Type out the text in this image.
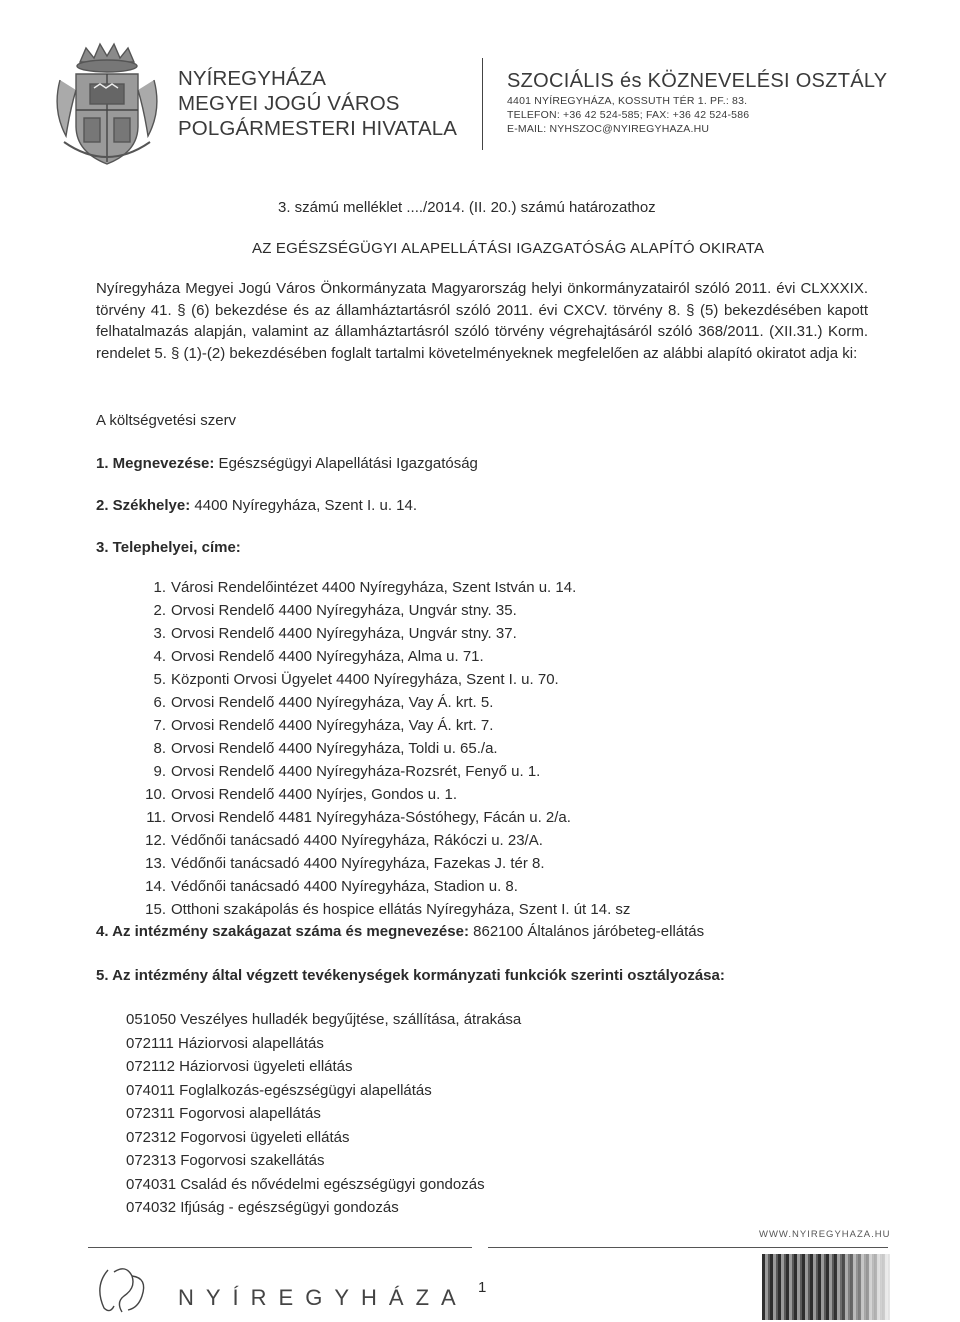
NYÍREGYHÁZA
MEGYEI JOGÚ VÁROS
POLGÁRMESTERI HIVATALA
SZOCIÁLIS és KÖZNEVELÉSI OSZTÁLY
4401 NYÍREGYHÁZA, KOSSUTH TÉR 1. PF.: 83.
TELEFON: +36 42 524-585; FAX: +36 42 524-586
E-MAIL: NYHSZOC@NYIREGYHAZA.HU
3. számú melléklet ..../2014. (II. 20.) számú határozathoz
AZ EGÉSZSÉGÜGYI ALAPELLÁTÁSI IGAZGATÓSÁG ALAPÍTÓ OKIRATA
Nyíregyháza Megyei Jogú Város Önkormányzata Magyarország helyi önkormányzatairól szóló 2011. évi CLXXXIX. törvény 41. § (6) bekezdése és az államháztartásról szóló 2011. évi CXCV. törvény 8. § (5) bekezdésében kapott felhatalmazás alapján, valamint az államháztartásról szóló törvény végrehajtásáról szóló 368/2011. (XII.31.) Korm. rendelet 5. § (1)-(2) bekezdésében foglalt tartalmi követelményeknek megfelelően az alábbi alapító okiratot adja ki:
A költségvetési szerv
1. Megnevezése: Egészségügyi Alapellátási Igazgatóság
2. Székhelye: 4400 Nyíregyháza, Szent I. u. 14.
3. Telephelyei, címe:
1. Városi Rendelőintézet 4400 Nyíregyháza, Szent István u. 14.
2. Orvosi Rendelő 4400 Nyíregyháza, Ungvár stny. 35.
3. Orvosi Rendelő 4400 Nyíregyháza, Ungvár stny. 37.
4. Orvosi Rendelő 4400 Nyíregyháza, Alma u. 71.
5. Központi Orvosi Ügyelet 4400 Nyíregyháza, Szent I. u. 70.
6. Orvosi Rendelő 4400 Nyíregyháza, Vay Á. krt. 5.
7. Orvosi Rendelő 4400 Nyíregyháza, Vay Á. krt. 7.
8. Orvosi Rendelő 4400 Nyíregyháza, Toldi u. 65./a.
9. Orvosi Rendelő 4400 Nyíregyháza-Rozsrét, Fenyő u. 1.
10. Orvosi Rendelő 4400 Nyírjes, Gondos u. 1.
11. Orvosi Rendelő 4481 Nyíregyháza-Sóstóhegy, Fácán u. 2/a.
12. Védőnői tanácsadó 4400 Nyíregyháza, Rákóczi u. 23/A.
13. Védőnői tanácsadó 4400 Nyíregyháza, Fazekas J. tér 8.
14. Védőnői tanácsadó 4400 Nyíregyháza, Stadion u. 8.
15. Otthoni szakápolás és hospice ellátás Nyíregyháza, Szent I. út 14. sz
4. Az intézmény szakágazat száma és megnevezése: 862100 Általános járóbeteg-ellátás
5. Az intézmény által végzett tevékenységek kormányzati funkciók szerinti osztályozása:
051050 Veszélyes hulladék begyűjtése, szállítása, átrakása
072111 Háziorvosi alapellátás
072112 Háziorvosi ügyeleti ellátás
074011 Foglalkozás-egészségügyi alapellátás
072311 Fogorvosi alapellátás
072312 Fogorvosi ügyeleti ellátás
072313 Fogorvosi szakellátás
074031 Család és nővédelmi egészségügyi gondozás
074032 Ifjúság - egészségügyi gondozás
WWW.NYIREGYHAZA.HU
NYÍREGYHÁZA 1
